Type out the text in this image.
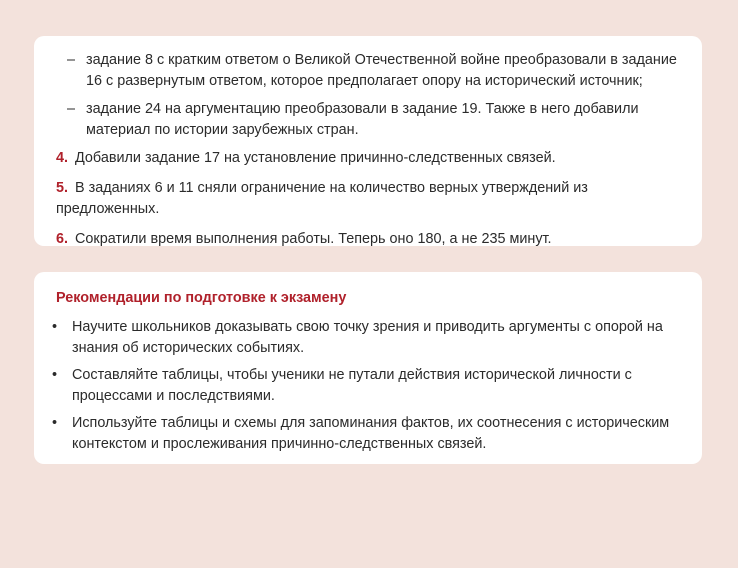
– задание 8 с кратким ответом о Великой Отечественной войне преобразовали в задание 16 с развернутым ответом, которое предполагает опору на исторический источник;
– задание 24 на аргументацию преобразовали в задание 19. Также в него добавили материал по истории зарубежных стран.
4. Добавили задание 17 на установление причинно-следственных связей.
5. В заданиях 6 и 11 сняли ограничение на количество верных утверждений из предложенных.
6. Сократили время выполнения работы. Теперь оно 180, а не 235 минут.
Рекомендации по подготовке к экзамену
• Научите школьников доказывать свою точку зрения и приводить аргументы с опорой на знания об исторических событиях.
• Составляйте таблицы, чтобы ученики не путали действия исторической личности с процессами и последствиями.
• Используйте таблицы и схемы для запоминания фактов, их соотнесения с историческим контекстом и прослеживания причинно-следственных связей.
